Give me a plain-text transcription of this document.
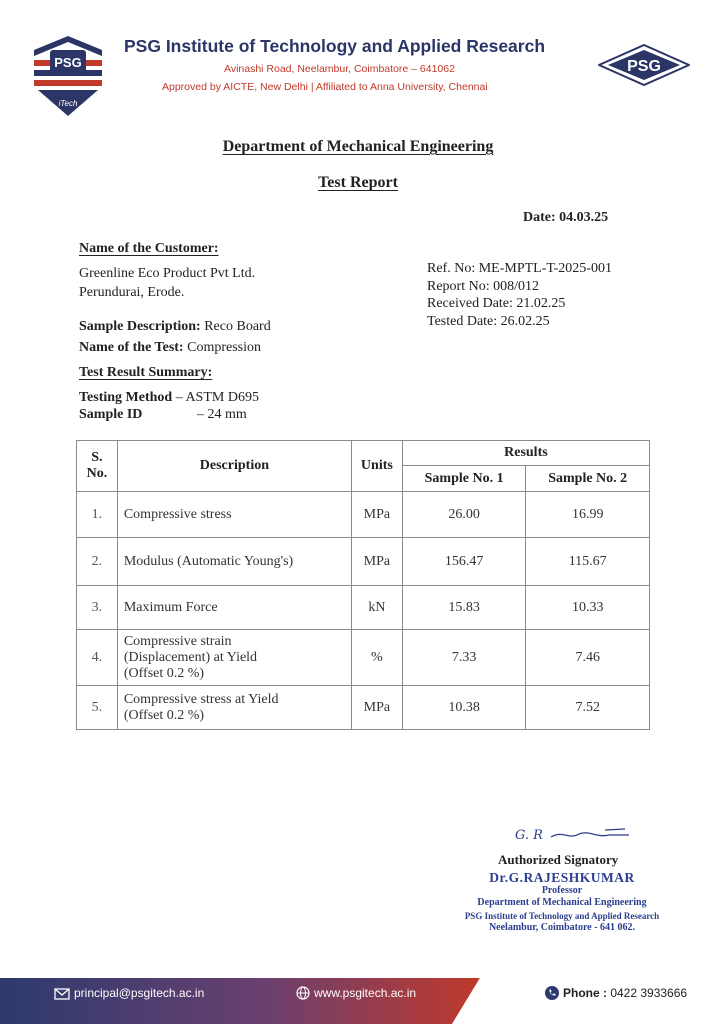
PSG
iTech
PSG Institute of Technology and Applied Research
Avinashi Road, Neelambur, Coimbatore – 641062
Approved by AICTE, New Delhi | Affiliated to Anna University, Chennai
PSG
Department of Mechanical Engineering
Test Report
Date: 04.03.25
Name of the Customer:
Greenline Eco Product Pvt Ltd.
Perundurai, Erode.
Ref. No: ME-MPTL-T-2025-001
Report No: 008/012
Received Date: 21.02.25
Tested Date: 26.02.25
Sample Description: Reco Board
Name of the Test: Compression
Test Result Summary:
Testing Method – ASTM D695
Sample ID	– 24 mm
S.
No.	Description	Units	Results	
			Sample No. 1	Sample No. 2
1.	Compressive stress	MPa	26.00	16.99
2.	Modulus (Automatic Young's)	MPa	156.47	115.67
3.	Maximum Force	kN	15.83	10.33
4.	Compressive strain
(Displacement) at Yield
(Offset 0.2 %)	%	7.33	7.46
5.	Compressive stress at Yield
(Offset 0.2 %)	MPa	10.38	7.52
G. R
Authorized Signatory
Dr.G.RAJESHKUMAR
Professor
Department of Mechanical Engineering
PSG Institute of Technology and Applied Research
Neelambur, Coimbatore - 641 062.
principal@psgitech.ac.in	www.psgitech.ac.in	Phone : 0422 3933666
